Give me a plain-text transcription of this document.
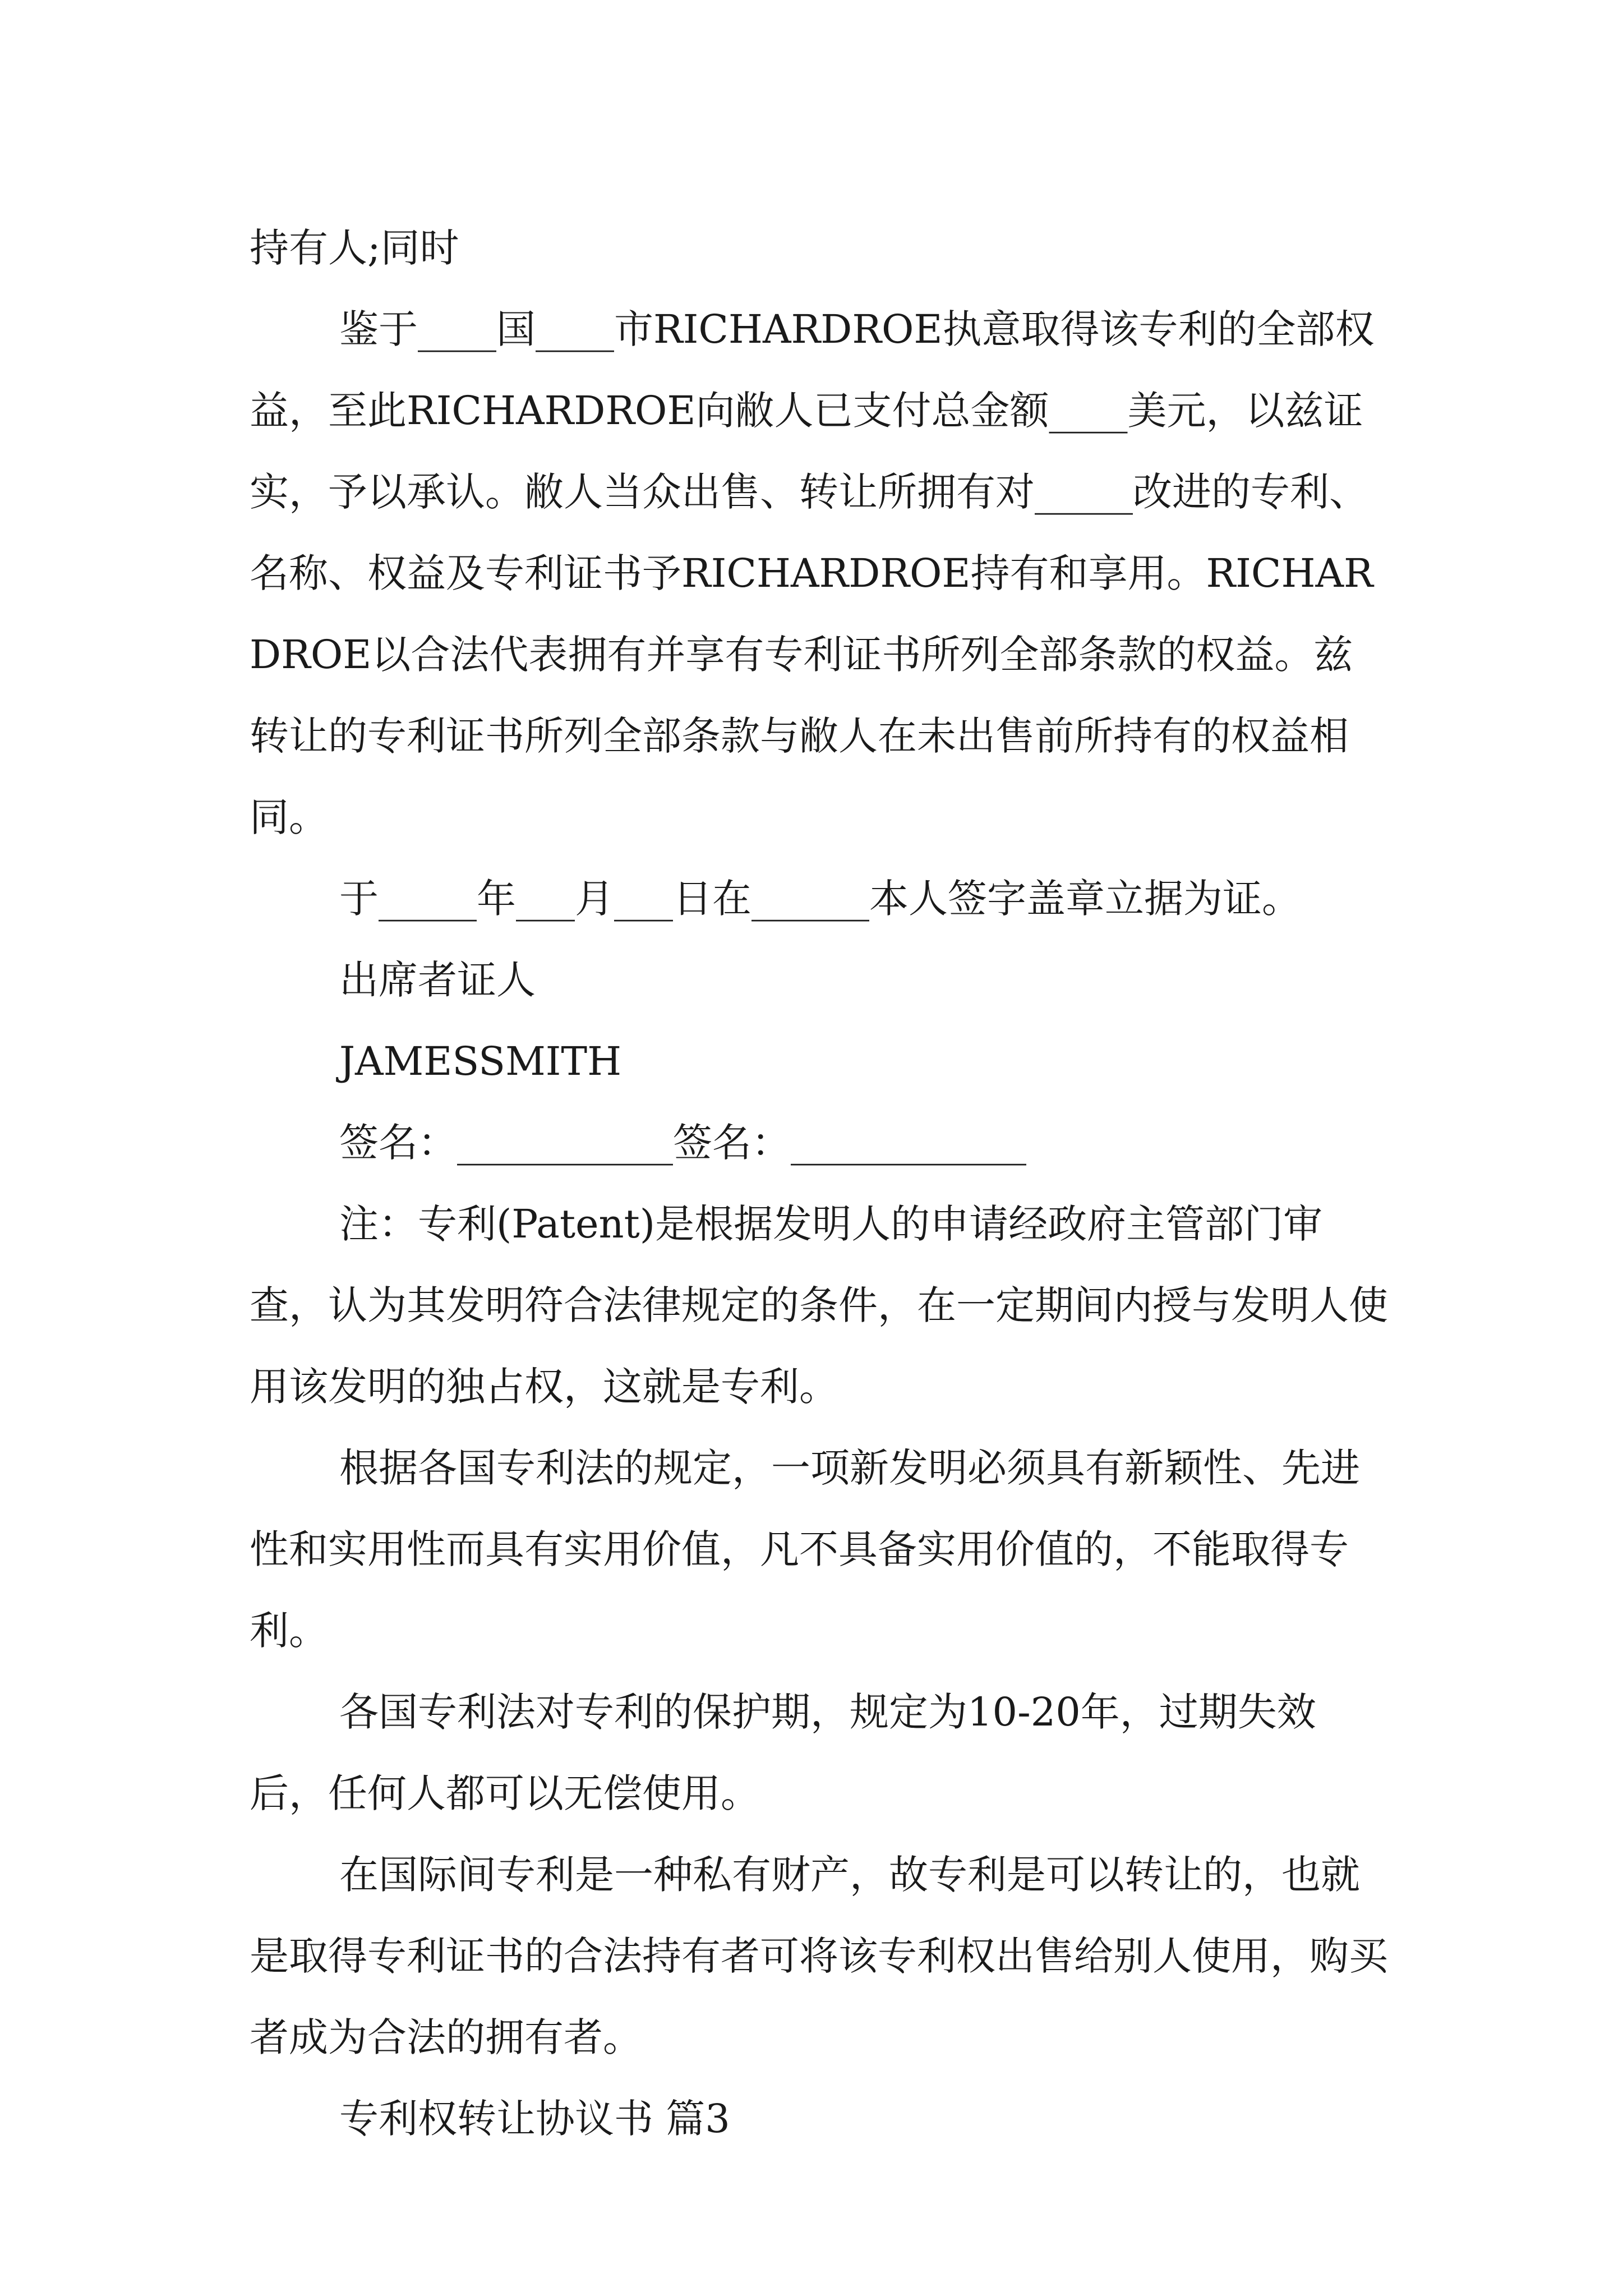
持有人;同时

鉴于____国____市RICHARDROE执意取得该专利的全部权益，至此RICHARDROE向敝人已支付总金额____美元，以兹证实，予以承认。敝人当众出售、转让所拥有对_____改进的专利、名称、权益及专利证书予RICHARDROE持有和享用。RICHARDROE以合法代表拥有并享有专利证书所列全部条款的权益。兹转让的专利证书所列全部条款与敝人在未出售前所持有的权益相同。

于_____年___月___日在______本人签字盖章立据为证。

出席者证人

JAMESSMITH

签名：___________签名：____________

注：专利(Patent)是根据发明人的申请经政府主管部门审查，认为其发明符合法律规定的条件，在一定期间内授与发明人使用该发明的独占权，这就是专利。

根据各国专利法的规定，一项新发明必须具有新颖性、先进性和实用性而具有实用价值，凡不具备实用价值的，不能取得专利。

各国专利法对专利的保护期，规定为10-20年，过期失效后，任何人都可以无偿使用。

在国际间专利是一种私有财产，故专利是可以转让的，也就是取得专利证书的合法持有者可将该专利权出售给别人使用，购买者成为合法的拥有者。

专利权转让协议书 篇3
